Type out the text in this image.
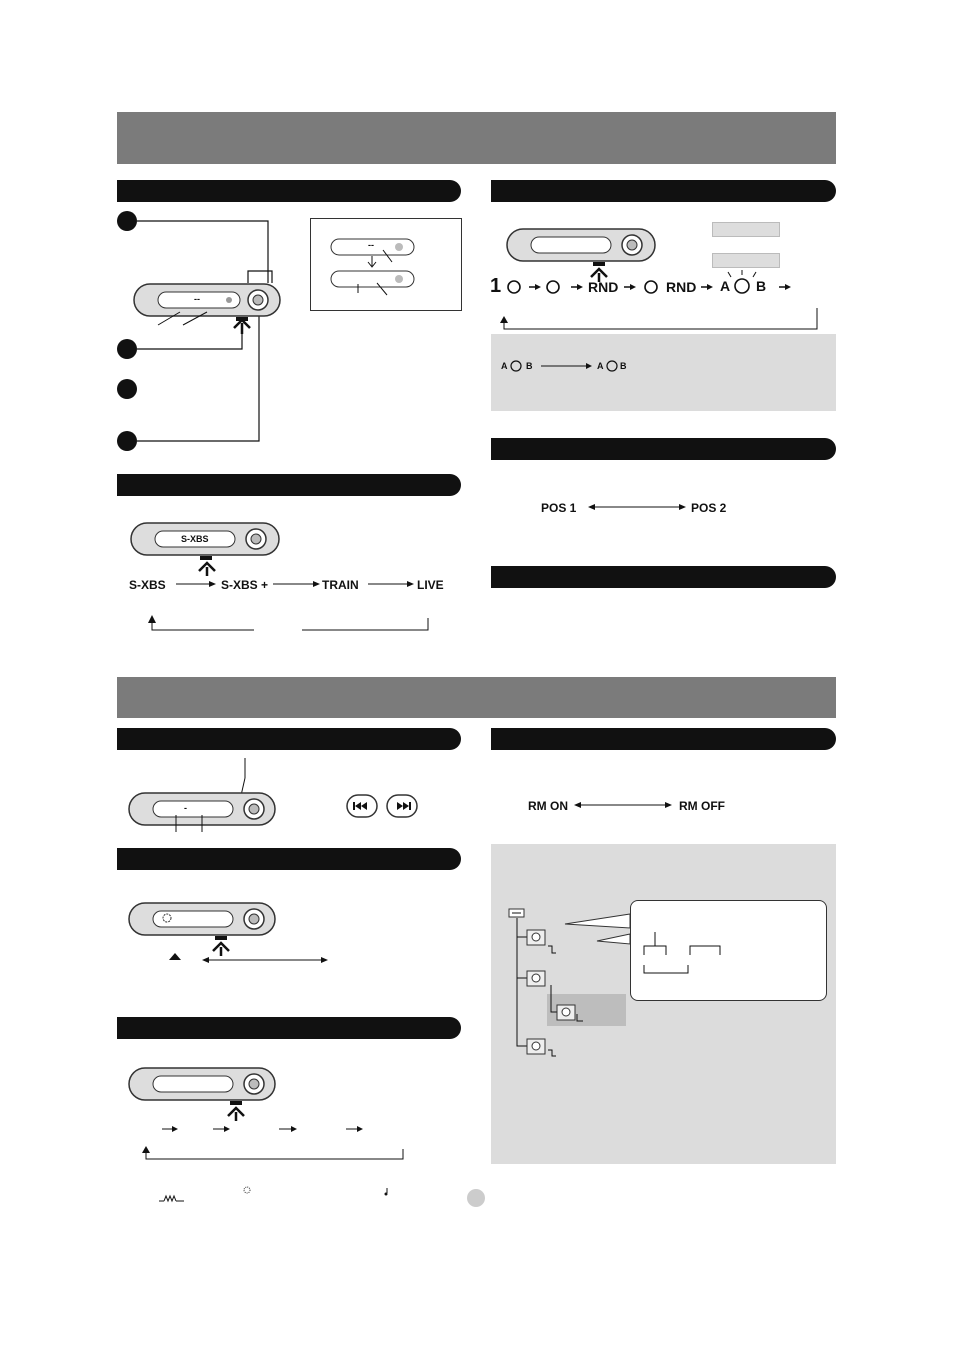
--
--
S-XBS
S-XBS	S-XBS +	TRAIN	LIVE
1	RND	RND A B
A B	A B
POS 1	POS 2
-	RM ON	RM OFF
